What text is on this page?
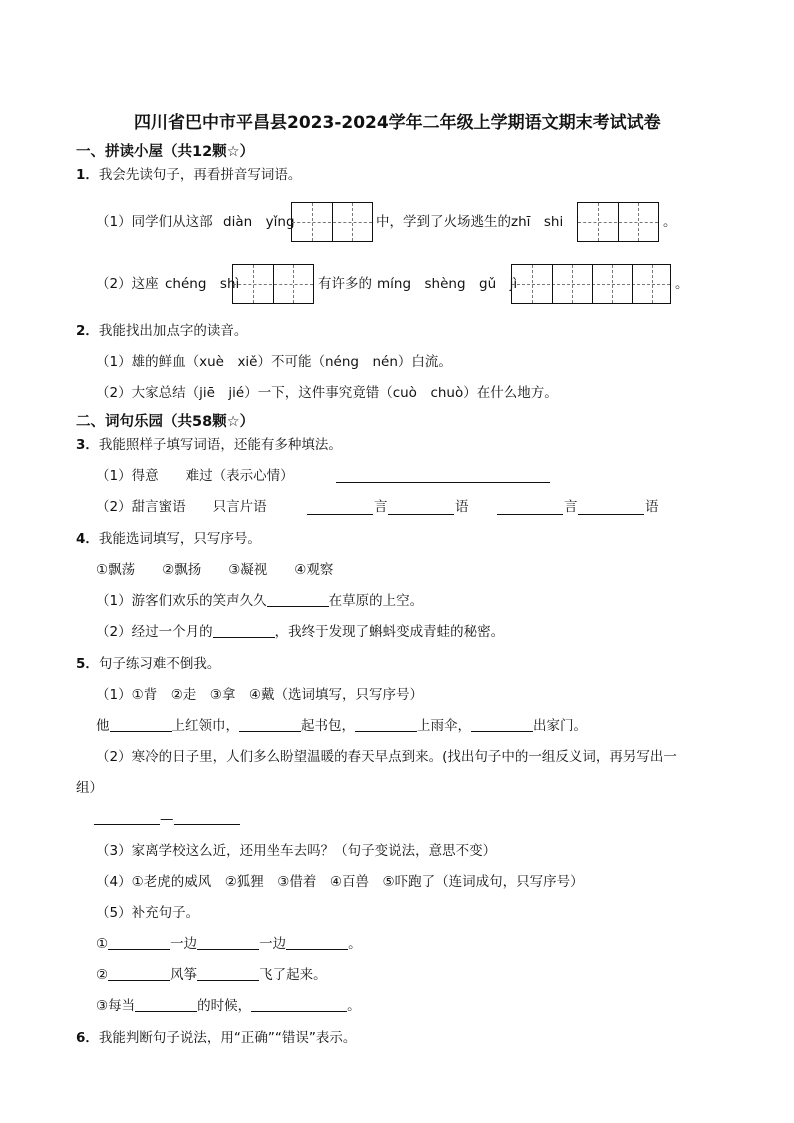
四川省巴中市平昌县2023-2024学年二年级上学期语文期末考试试卷
一、拼读小屋（共12颗☆）
1．我会先读句子，再看拼音写词语。
（1）同学们从这部 diàn　yǐng	中，学到了火场逃生的 zhī　shi	。
（2）这座 chéng　shì	有许多的 míng　shèng　gǔ　jì	。
2．我能找出加点字的读音。
（1）雄的鲜血（xuè　xiě）不可能（néng　nén）白流。
（2）大家总结（jiē　jié）一下，这件事究竟错（cuò　chuò）在什么地方。
二、词句乐园（共58颗☆）
3．我能照样子填写词语，还能有多种填法。
（1）得意　　难过（表示心情）
（2）甜言蜜语　　只言片语	言	语	言	语
4．我能选词填写，只写序号。
①飘荡　　②飘扬　　③凝视　　④观察
（1）游客们欢乐的笑声久久	在草原的上空。
（2）经过一个月的	，我终于发现了蝌蚪变成青蛙的秘密。
5．句子练习难不倒我。
（1）①背　②走　③拿　④戴（选词填写，只写序号）
他	上红领巾，	起书包，	上雨伞，	出家门。
（2）寒冷的日子里，人们多么盼望温暖的春天早点到来。(找出句子中的一组反义词，再另写出一
组）
—
（3）家离学校这么近，还用坐车去吗？（句子变说法，意思不变）
（4）①老虎的威风　②狐狸　③借着　④百兽　⑤吓跑了（连词成句，只写序号）
（5）补充句子。
①	一边	一边	。
②	风筝	飞了起来。
③每当	的时候，	。
6．我能判断句子说法，用“正确”“错误”表示。
